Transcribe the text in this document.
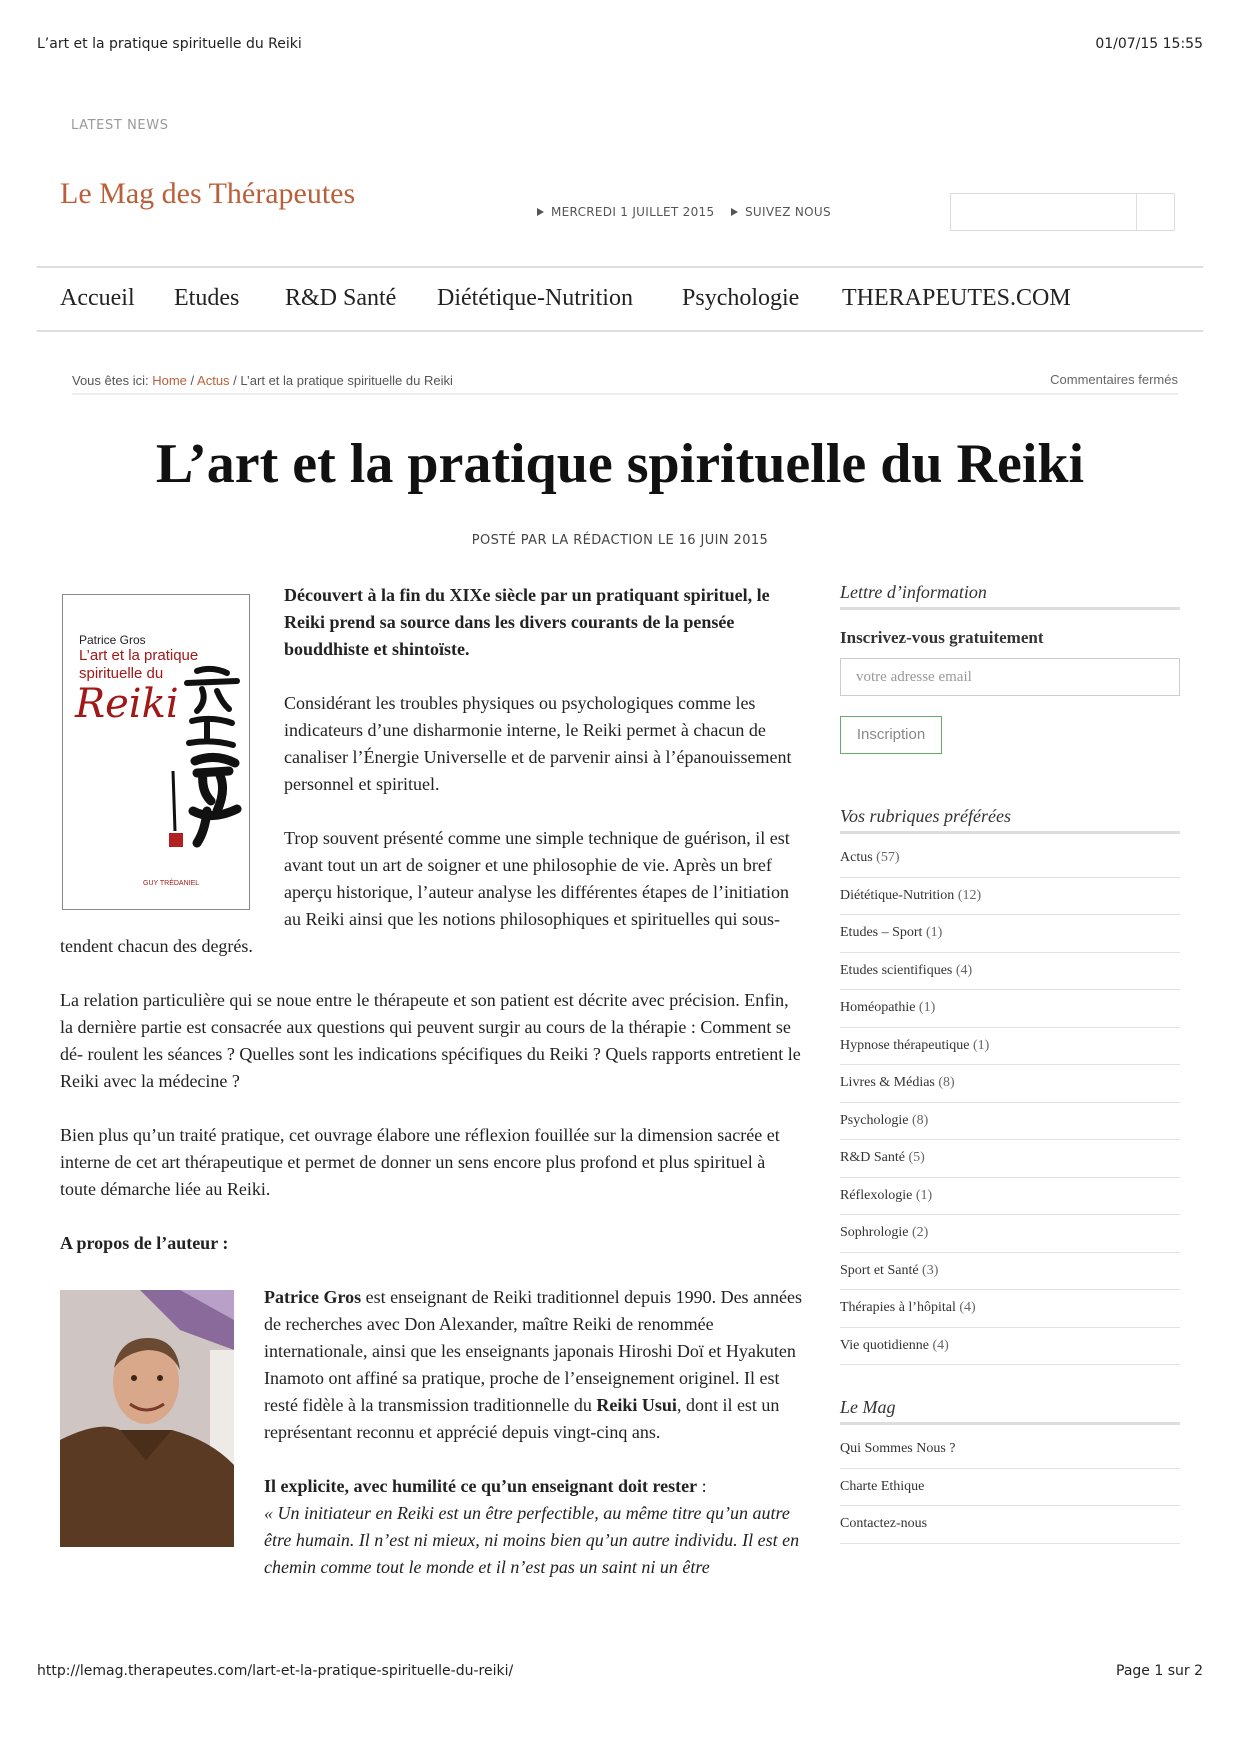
L’art et la pratique spirituelle du Reiki	01/07/15 15:55
http://lemag.therapeutes.com/lart-et-la-pratique-spirituelle-du-reiki/	Page 1 sur 2
LATEST NEWS
Le Mag des Thérapeutes
MERCREDI 1 JUILLET 2015	SUIVEZ NOUS
Accueil Etudes R&D Santé Diététique-Nutrition Psychologie THERAPEUTES.COM
Vous êtes ici: Home / Actus / L’art et la pratique spirituelle du Reiki	Commentaires fermés
L’art et la pratique spirituelle du Reiki
POSTÉ PAR LA RÉDACTION LE 16 JUIN 2015
Patrice Gros
L’art et la pratique
spirituelle du
Reiki
GUY TRÉDANIEL

Découvert à la fin du XIXe siècle par un pratiquant spirituel, le Reiki prend sa source dans les divers courants de la pensée bouddhiste et shintoïste.

Considérant les troubles physiques ou psychologiques comme les indicateurs d’une disharmonie interne, le Reiki permet à chacun de canaliser l’Énergie Universelle et de parvenir ainsi à l’épanouissement personnel et spirituel.

Trop souvent présenté comme une simple technique de guérison, il est avant tout un art de soigner et une philosophie de vie. Après un bref aperçu historique, l’auteur analyse les différentes étapes de l’initiation au Reiki ainsi que les notions philosophiques et spirituelles qui sous-tendent chacun des degrés.

La relation particulière qui se noue entre le thérapeute et son patient est décrite avec précision. Enfin, la dernière partie est consacrée aux questions qui peuvent surgir au cours de la thérapie : Comment se dé- roulent les séances ? Quelles sont les indications spécifiques du Reiki ? Quels rapports entretient le Reiki avec la médecine ?

Bien plus qu’un traité pratique, cet ouvrage élabore une réflexion fouillée sur la dimension sacrée et interne de cet art thérapeutique et permet de donner un sens encore plus profond et plus spirituel à toute démarche liée au Reiki.

A propos de l’auteur :

Patrice Gros est enseignant de Reiki traditionnel depuis 1990. Des années de recherches avec Don Alexander, maître Reiki de renommée internationale, ainsi que les enseignants japonais Hiroshi Doï et Hyakuten Inamoto ont affiné sa pratique, proche de l’enseignement originel. Il est resté fidèle à la transmission traditionnelle du Reiki Usui, dont il est un représentant reconnu et apprécié depuis vingt-cinq ans.

Il explicite, avec humilité ce qu’un enseignant doit rester :
« Un initiateur en Reiki est un être perfectible, au même titre qu’un autre être humain. Il n’est ni mieux, ni moins bien qu’un autre individu. Il est en chemin comme tout le monde et il n’est pas un saint ni un être

Lettre d’information
Inscrivez-vous gratuitement
votre adresse email
Inscription
Vos rubriques préférées
Actus (57)
Diététique-Nutrition (12)
Etudes – Sport (1)
Etudes scientifiques (4)
Homéopathie (1)
Hypnose thérapeutique (1)
Livres & Médias (8)
Psychologie (8)
R&D Santé (5)
Réflexologie (1)
Sophrologie (2)
Sport et Santé (3)
Thérapies à l’hôpital (4)
Vie quotidienne (4)
Le Mag
Qui Sommes Nous ?
Charte Ethique
Contactez-nous
